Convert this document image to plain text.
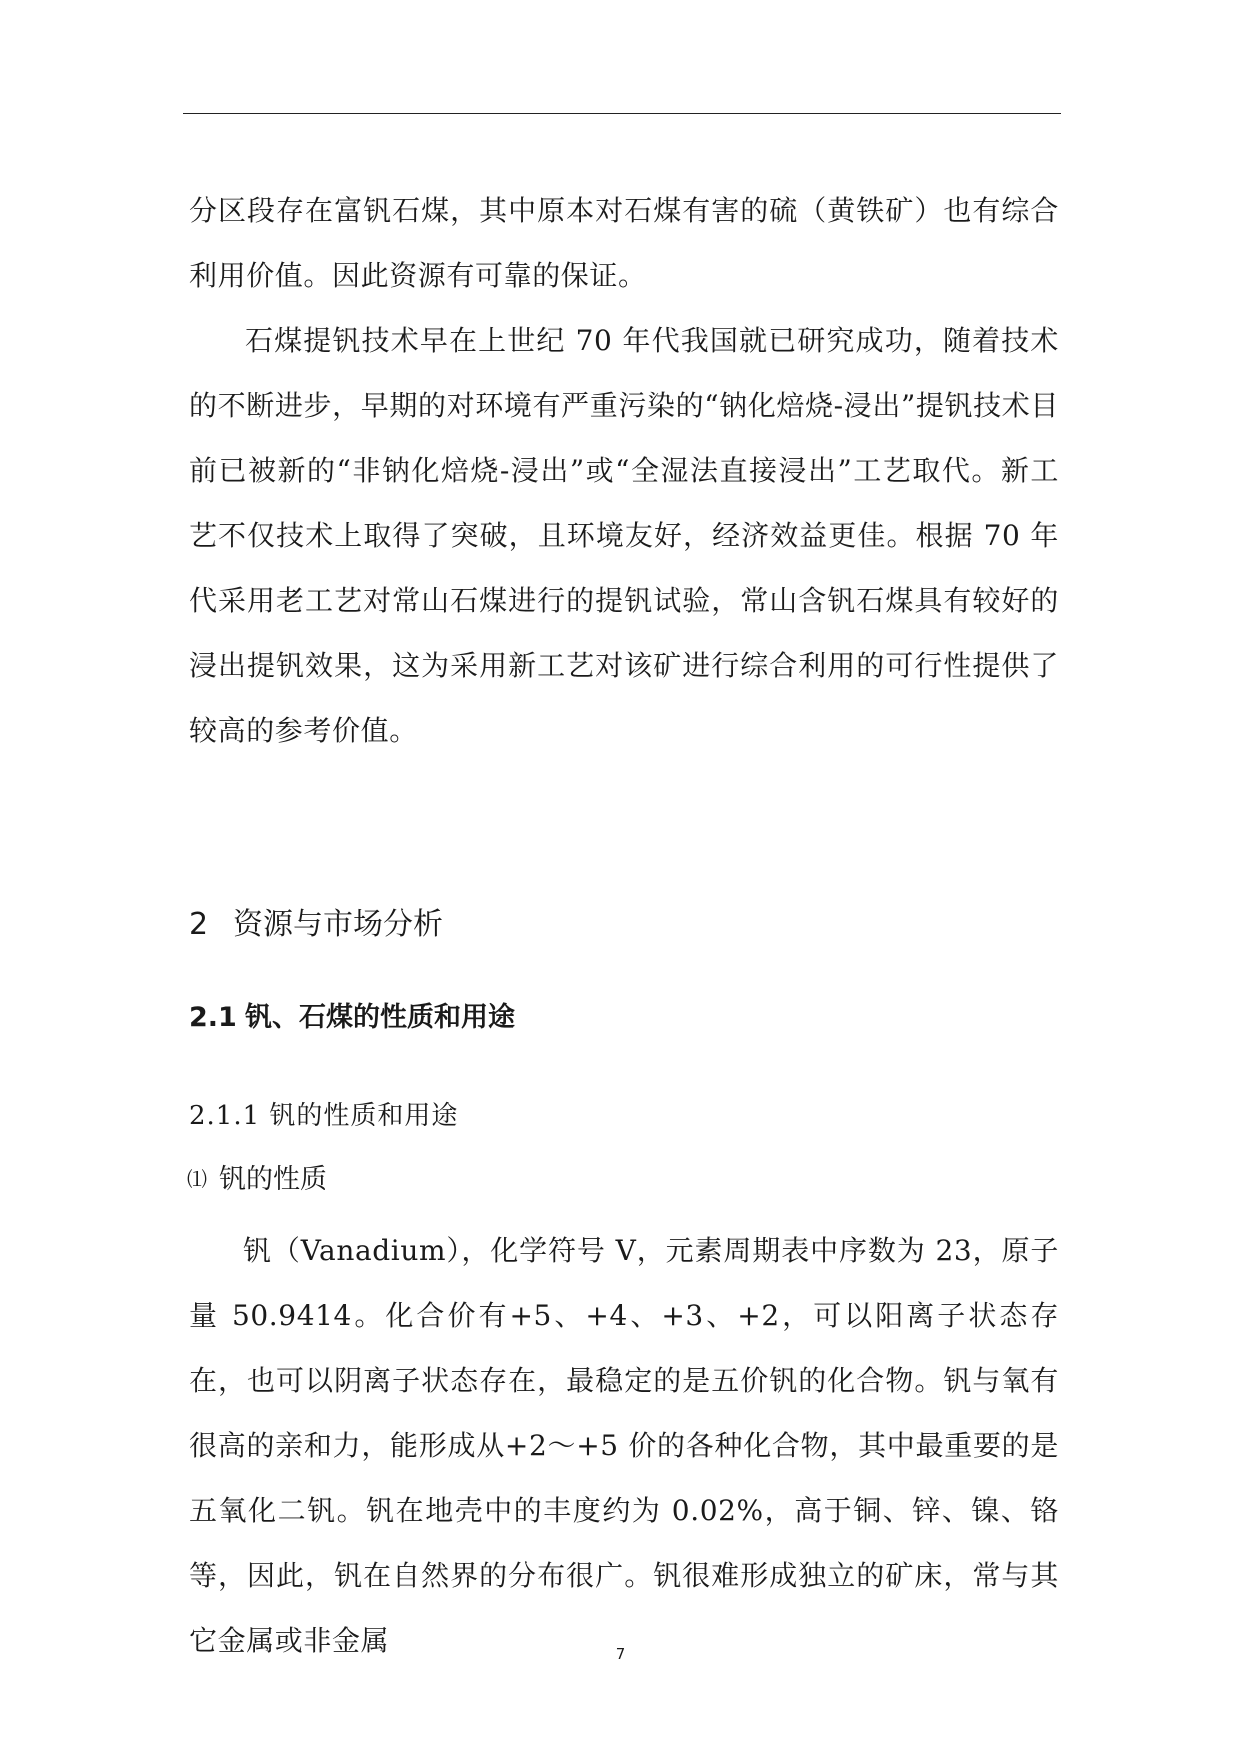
分区段存在富钒石煤，其中原本对石煤有害的硫（黄铁矿）也有综合利用价值。因此资源有可靠的保证。

石煤提钒技术早在上世纪 70 年代我国就已研究成功，随着技术的不断进步，早期的对环境有严重污染的“钠化焙烧-浸出”提钒技术目前已被新的“非钠化焙烧-浸出”或“全湿法直接浸出”工艺取代。新工艺不仅技术上取得了突破，且环境友好，经济效益更佳。根据 70 年代采用老工艺对常山石煤进行的提钒试验，常山含钒石煤具有较好的浸出提钒效果，这为采用新工艺对该矿进行综合利用的可行性提供了较高的参考价值。

2 资源与市场分析
2.1 钒、石煤的性质和用途
2.1.1 钒的性质和用途
⑴ 钒的性质

钒（Vanadium），化学符号 V，元素周期表中序数为 23，原子量 50.9414。化合价有+5、+4、+3、+2，可以阳离子状态存在，也可以阴离子状态存在，最稳定的是五价钒的化合物。钒与氧有很高的亲和力，能形成从+2～+5 价的各种化合物，其中最重要的是五氧化二钒。钒在地壳中的丰度约为 0.02%，高于铜、锌、镍、铬等，因此，钒在自然界的分布很广。钒很难形成独立的矿床，常与其它金属或非金属	7
